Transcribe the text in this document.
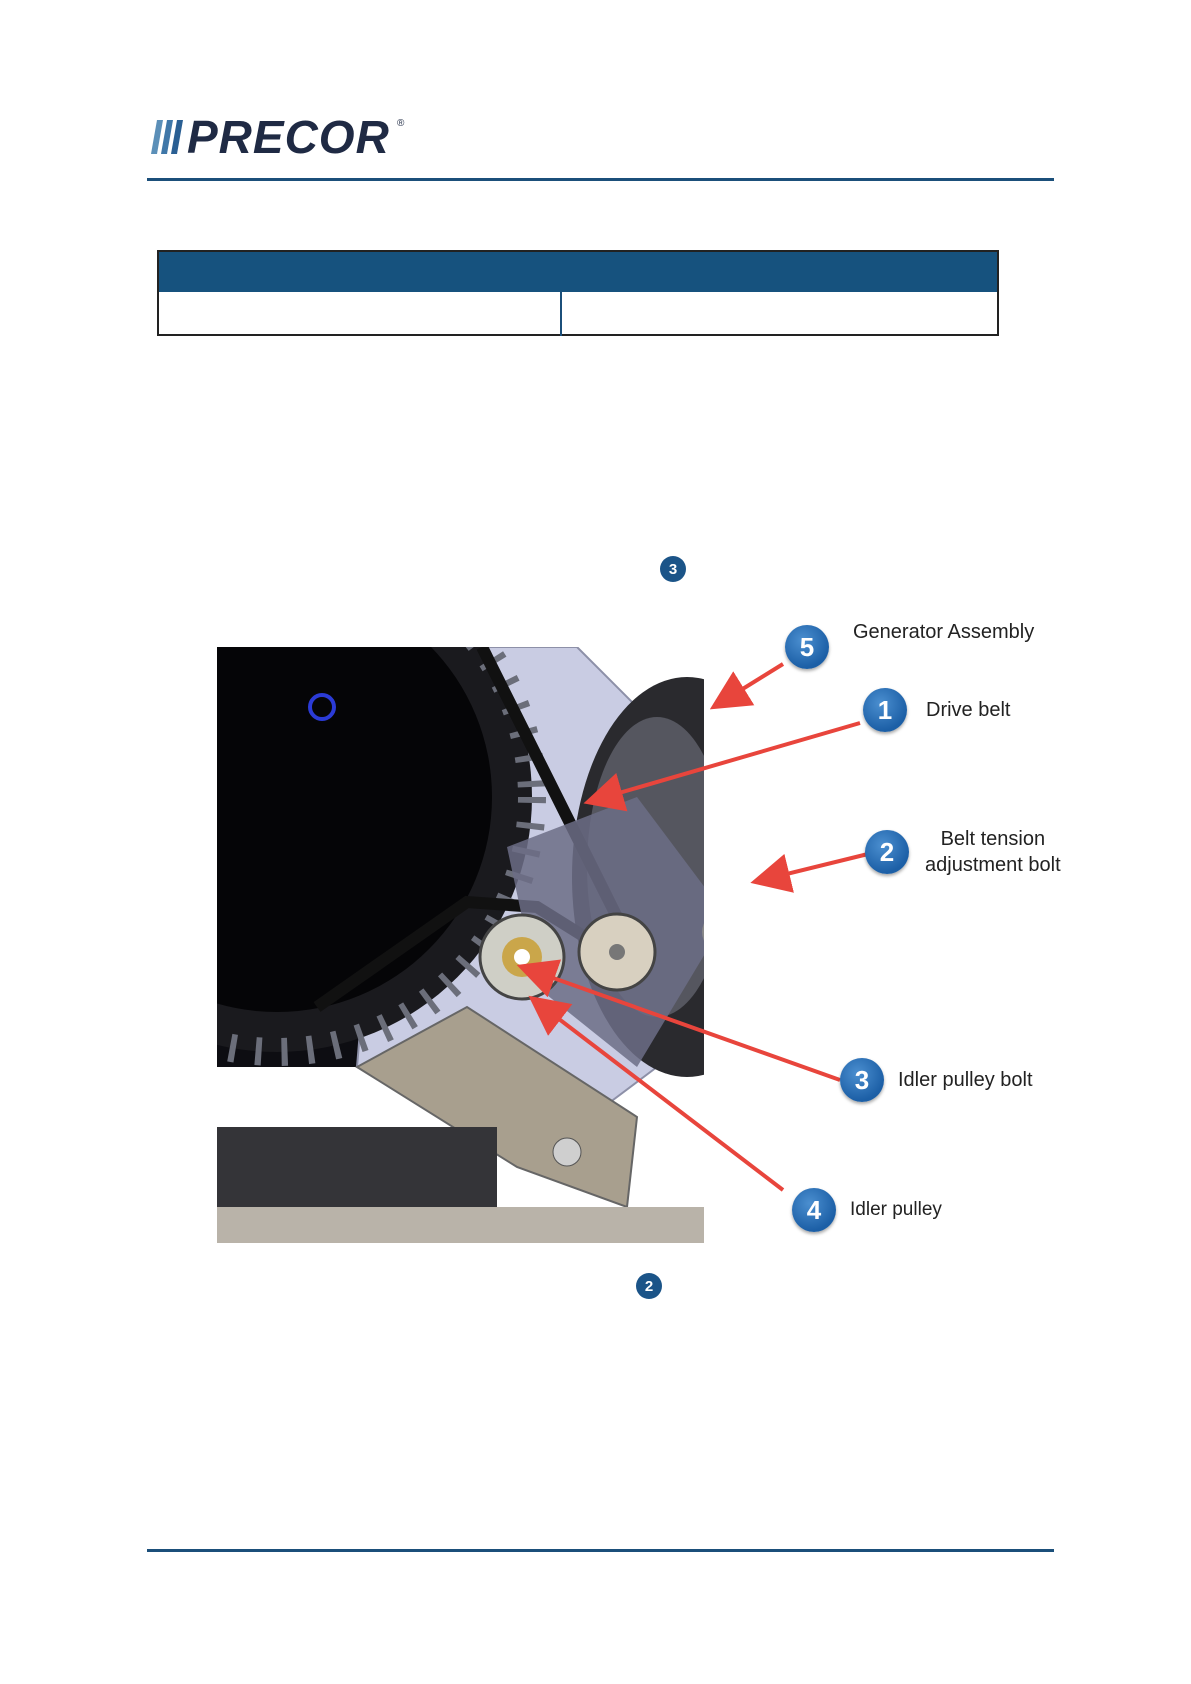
PRECOR ®
3
2
5	Generator Assembly
1	Drive belt
2	Belt tension
adjustment bolt
3	Idler pulley bolt
4	Idler pulley
